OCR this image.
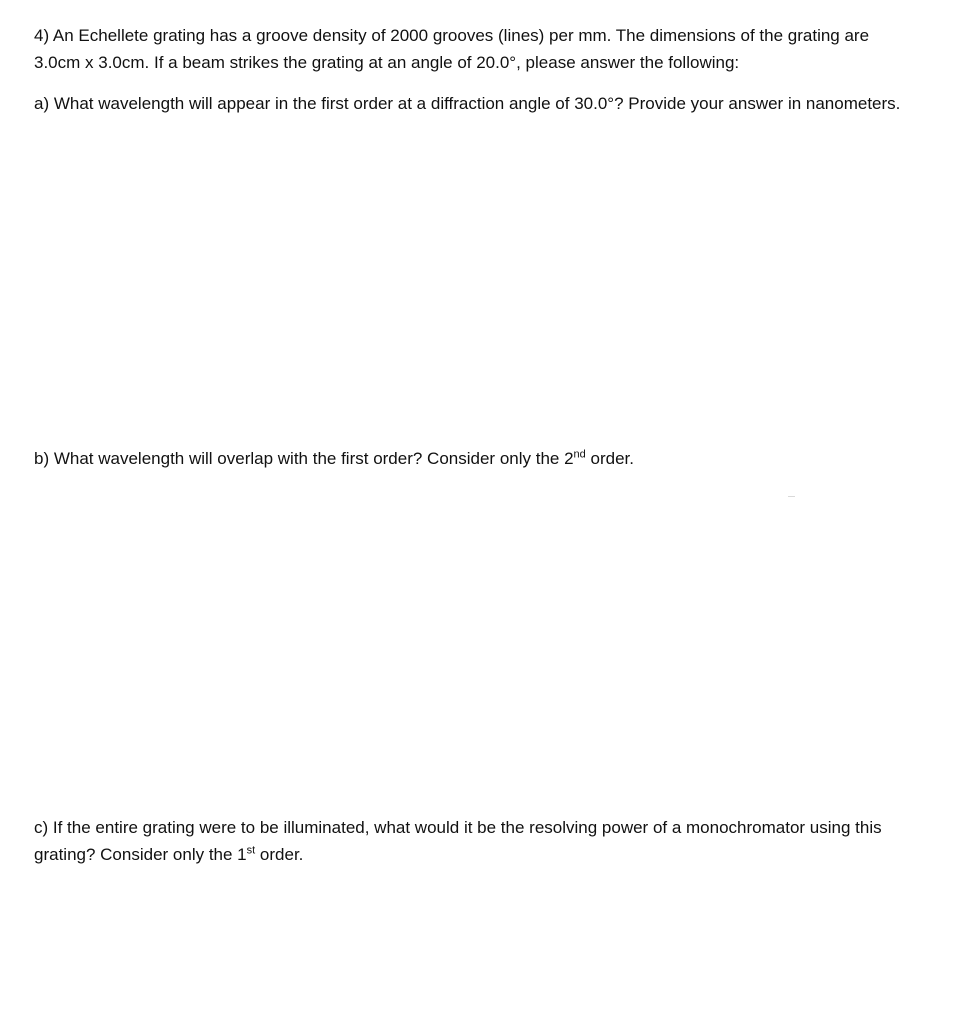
4) An Echellete grating has a groove density of 2000 grooves (lines) per mm. The dimensions of the grating are 3.0cm x 3.0cm. If a beam strikes the grating at an angle of 20.0°, please answer the following:

a) What wavelength will appear in the first order at a diffraction angle of 30.0°? Provide your answer in nanometers.

b) What wavelength will overlap with the first order? Consider only the 2nd order.

c) If the entire grating were to be illuminated, what would it be the resolving power of a monochromator using this grating? Consider only the 1st order.
